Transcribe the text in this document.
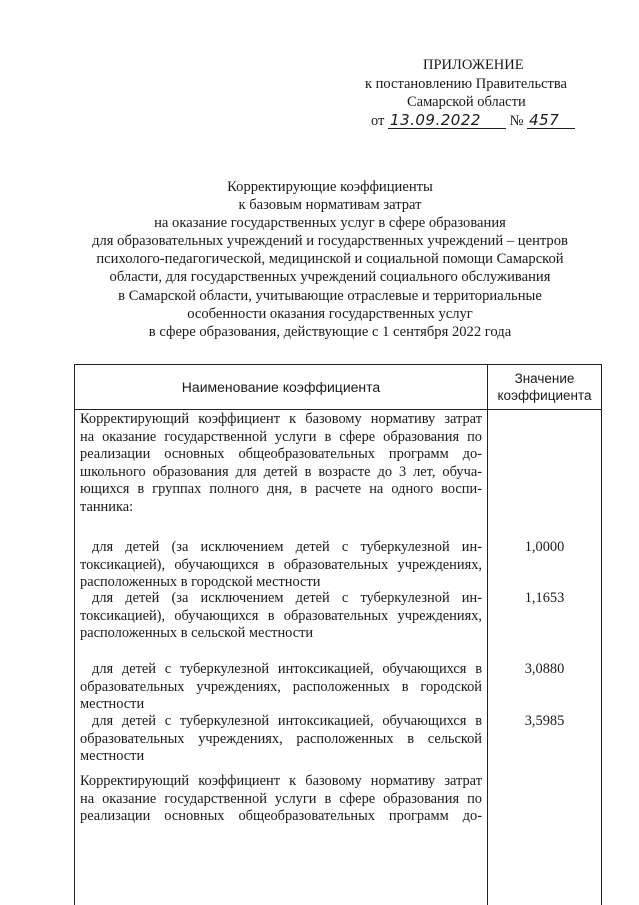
ПРИЛОЖЕНИЕ
к постановлению Правительства
Самарской области
от 13.09.2022 № 457
Корректирующие коэффициенты
к базовым нормативам затрат
на оказание государственных услуг в сфере образования
для образовательных учреждений и государственных учреждений – центров
психолого-педагогической, медицинской и социальной помощи Самарской
области, для государственных учреждений социального обслуживания
в Самарской области, учитывающие отраслевые и территориальные
особенности оказания государственных услуг
в сфере образования, действующие с 1 сентября 2022 года
Наименование коэффициента
Значение
коэффициента
Корректирующий коэффициент к базовому нормативу затрат
на оказание государственной услуги в сфере образования по
реализации основных общеобразовательных программ до-
школьного образования для детей в возрасте до 3 лет, обуча-
ющихся в группах полного дня, в расчете на одного воспи-
танника:
для детей (за исключением детей с туберкулезной ин-
токсикацией), обучающихся в образовательных учреждениях,
расположенных в городской местности
1,0000
для детей (за исключением детей с туберкулезной ин-
токсикацией), обучающихся в образовательных учреждениях,
расположенных в сельской местности
1,1653
для детей с туберкулезной интоксикацией, обучающихся в
образовательных учреждениях, расположенных в городской
местности
3,0880
для детей с туберкулезной интоксикацией, обучающихся в
образовательных учреждениях, расположенных в сельской
местности
3,5985
Корректирующий коэффициент к базовому нормативу затрат
на оказание государственной услуги в сфере образования по
реализации основных общеобразовательных программ до-
